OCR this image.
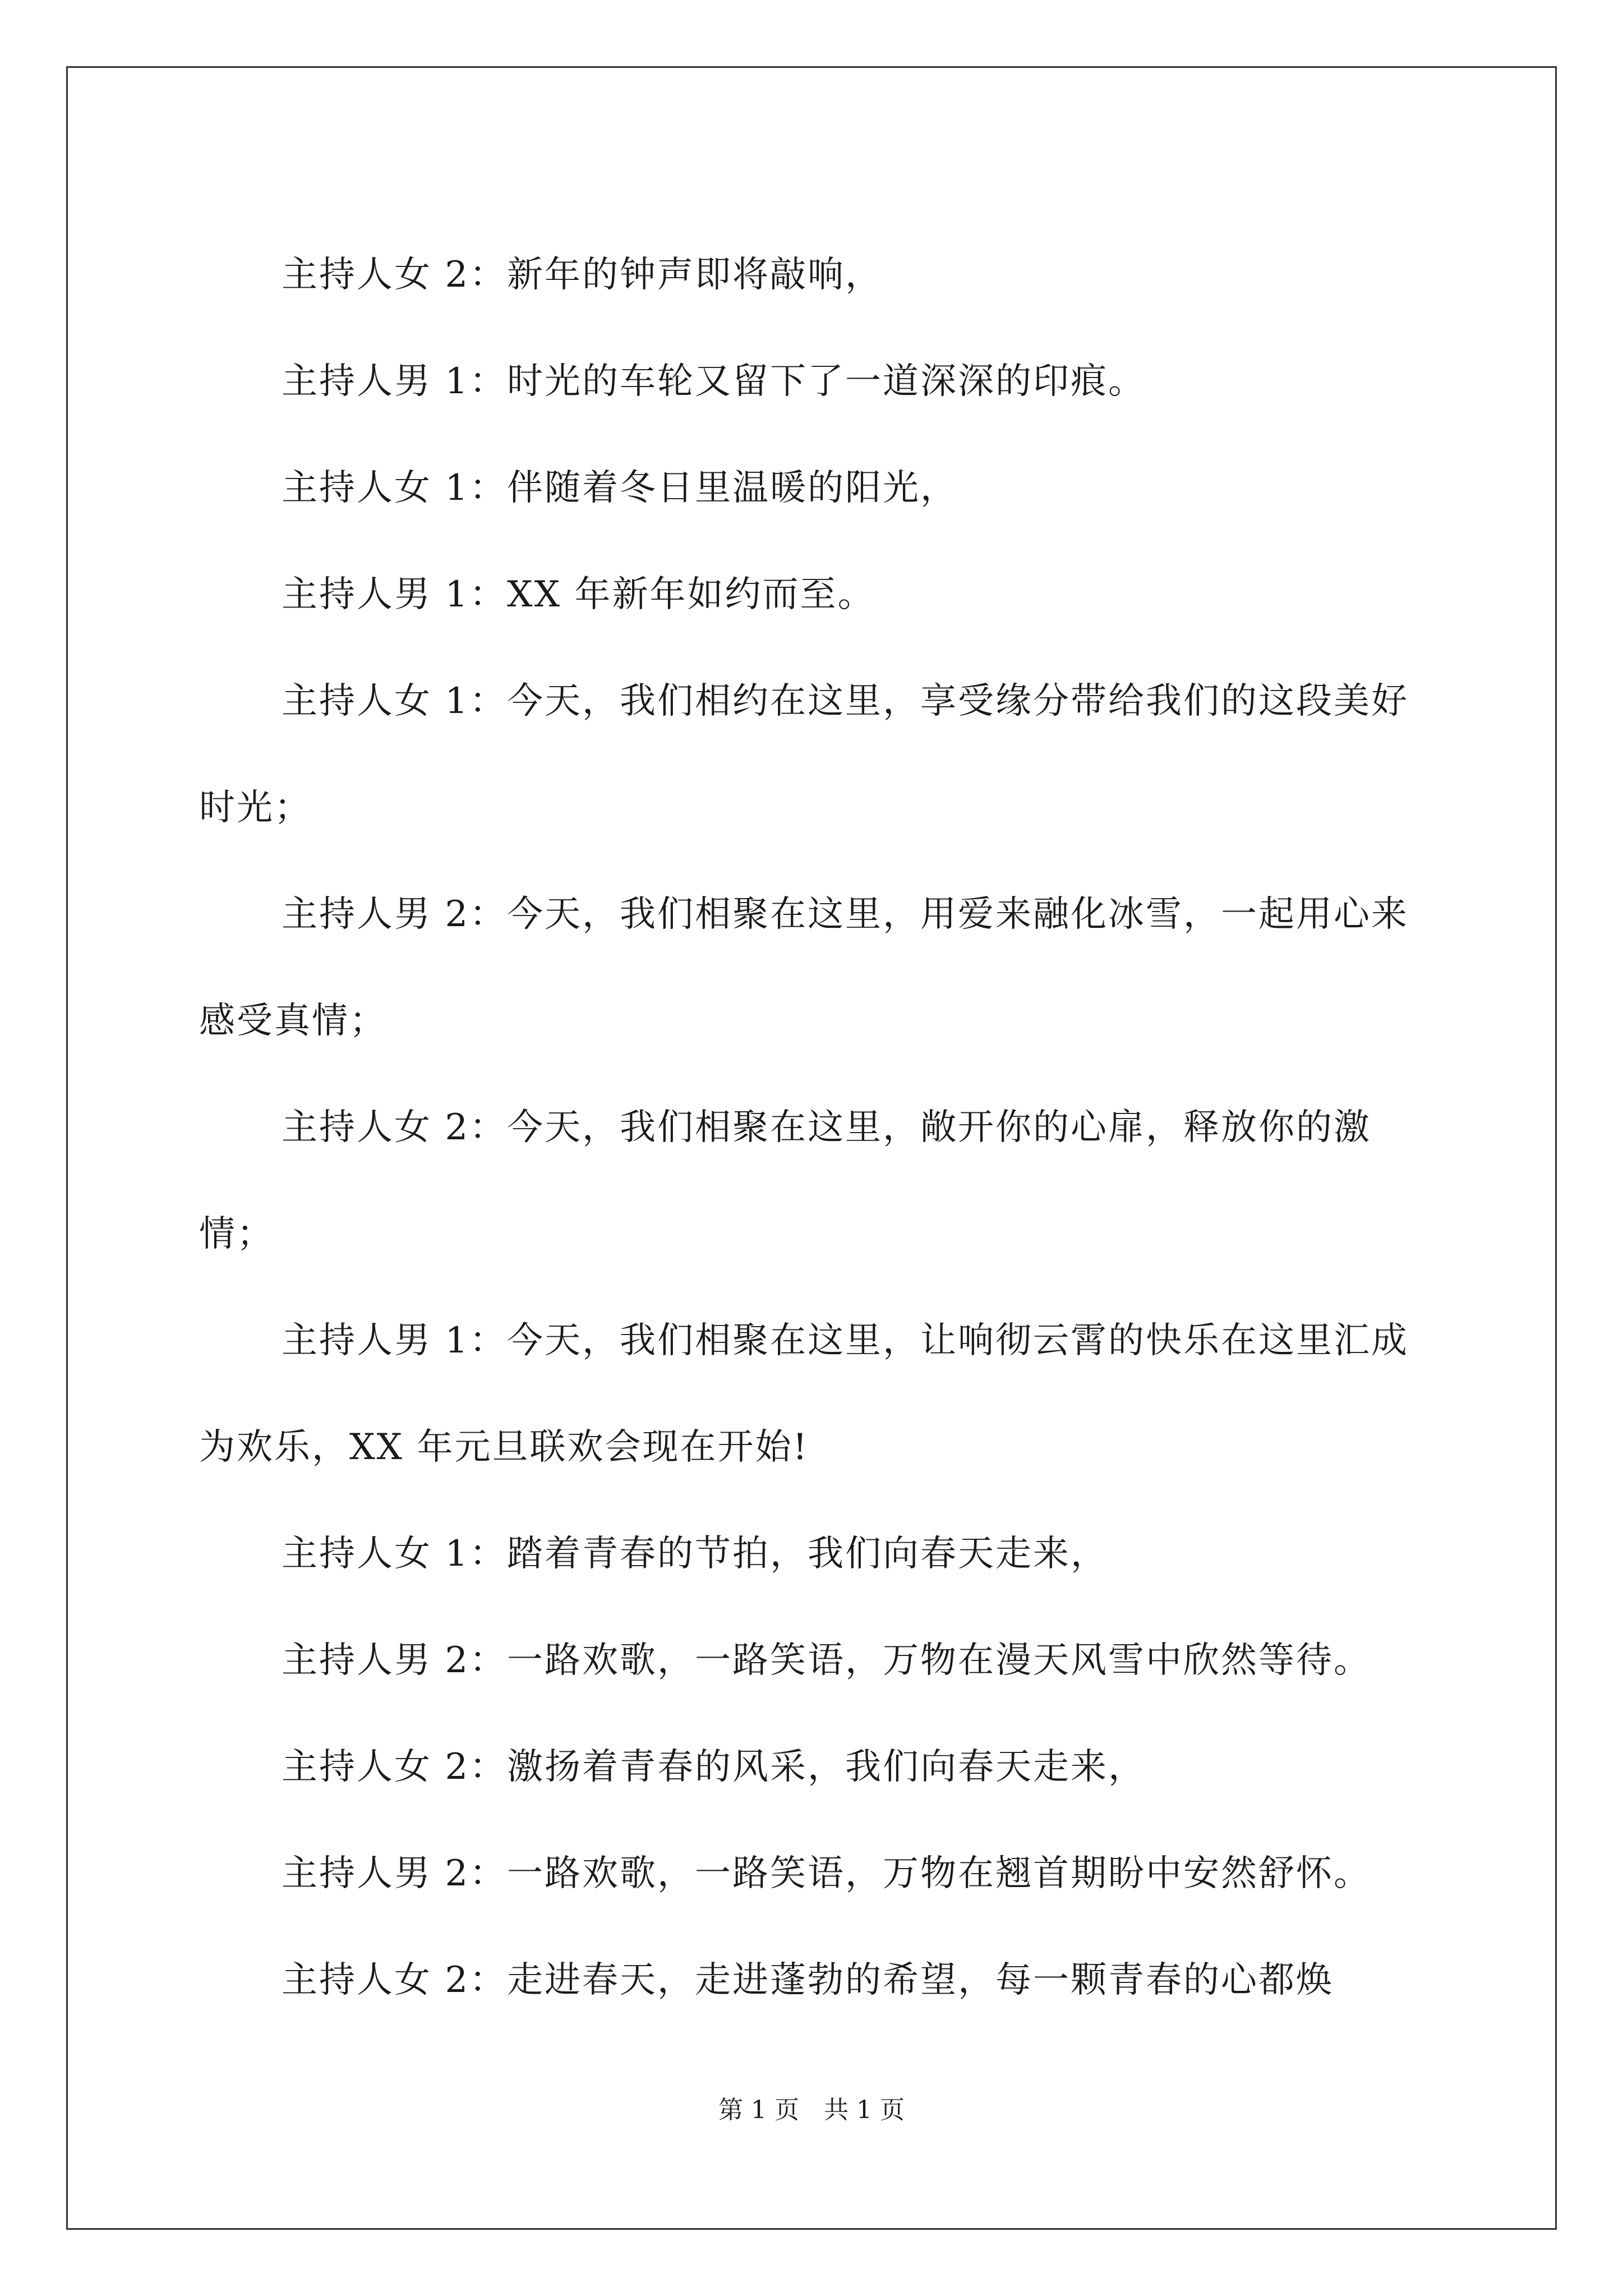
主持人女 2：新年的钟声即将敲响，

主持人男 1：时光的车轮又留下了一道深深的印痕。

主持人女 1：伴随着冬日里温暖的阳光，

主持人男 1：XX 年新年如约而至。

主持人女 1：今天，我们相约在这里，享受缘分带给我们的这段美好时光；

主持人男 2：今天，我们相聚在这里，用爱来融化冰雪，一起用心来感受真情；

主持人女 2：今天，我们相聚在这里，敞开你的心扉，释放你的激情；

主持人男 1：今天，我们相聚在这里，让响彻云霄的快乐在这里汇成为欢乐，XX 年元旦联欢会现在开始!

主持人女 1：踏着青春的节拍，我们向春天走来，

主持人男 2：一路欢歌，一路笑语，万物在漫天风雪中欣然等待。

主持人女 2：激扬着青春的风采，我们向春天走来，

主持人男 2：一路欢歌，一路笑语，万物在翘首期盼中安然舒怀。

主持人女 2：走进春天，走进蓬勃的希望，每一颗青春的心都焕

第 1 页　共 1 页
